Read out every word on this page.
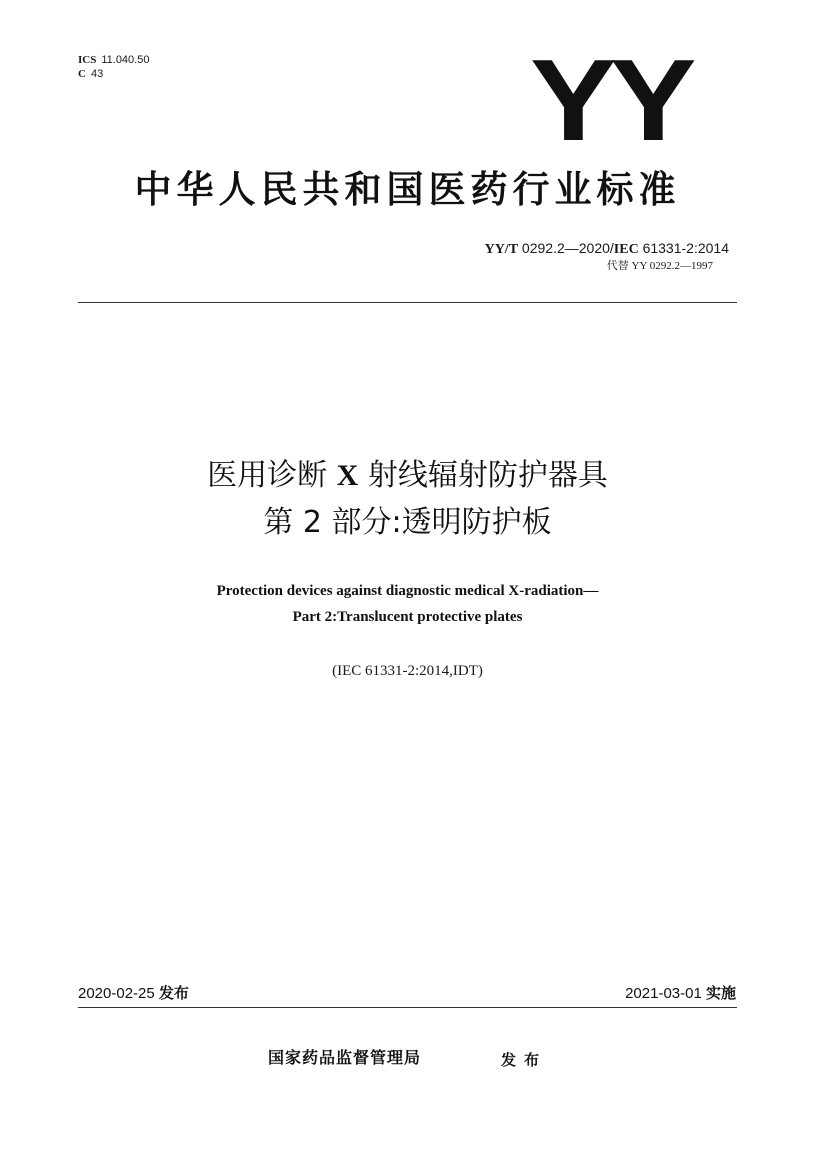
ICS 11.040.50
C 43	YY
中华人民共和国医药行业标准
YY/T 0292.2—2020/IEC 61331-2:2014
代替 YY 0292.2—1997
医用诊断 X 射线辐射防护器具
第 2 部分:透明防护板
Protection devices against diagnostic medical X-radiation—
Part 2:Translucent protective plates
(IEC 61331-2:2014,IDT)
2020-02-25 发布	2021-03-01 实施
国家药品监督管理局	发布
